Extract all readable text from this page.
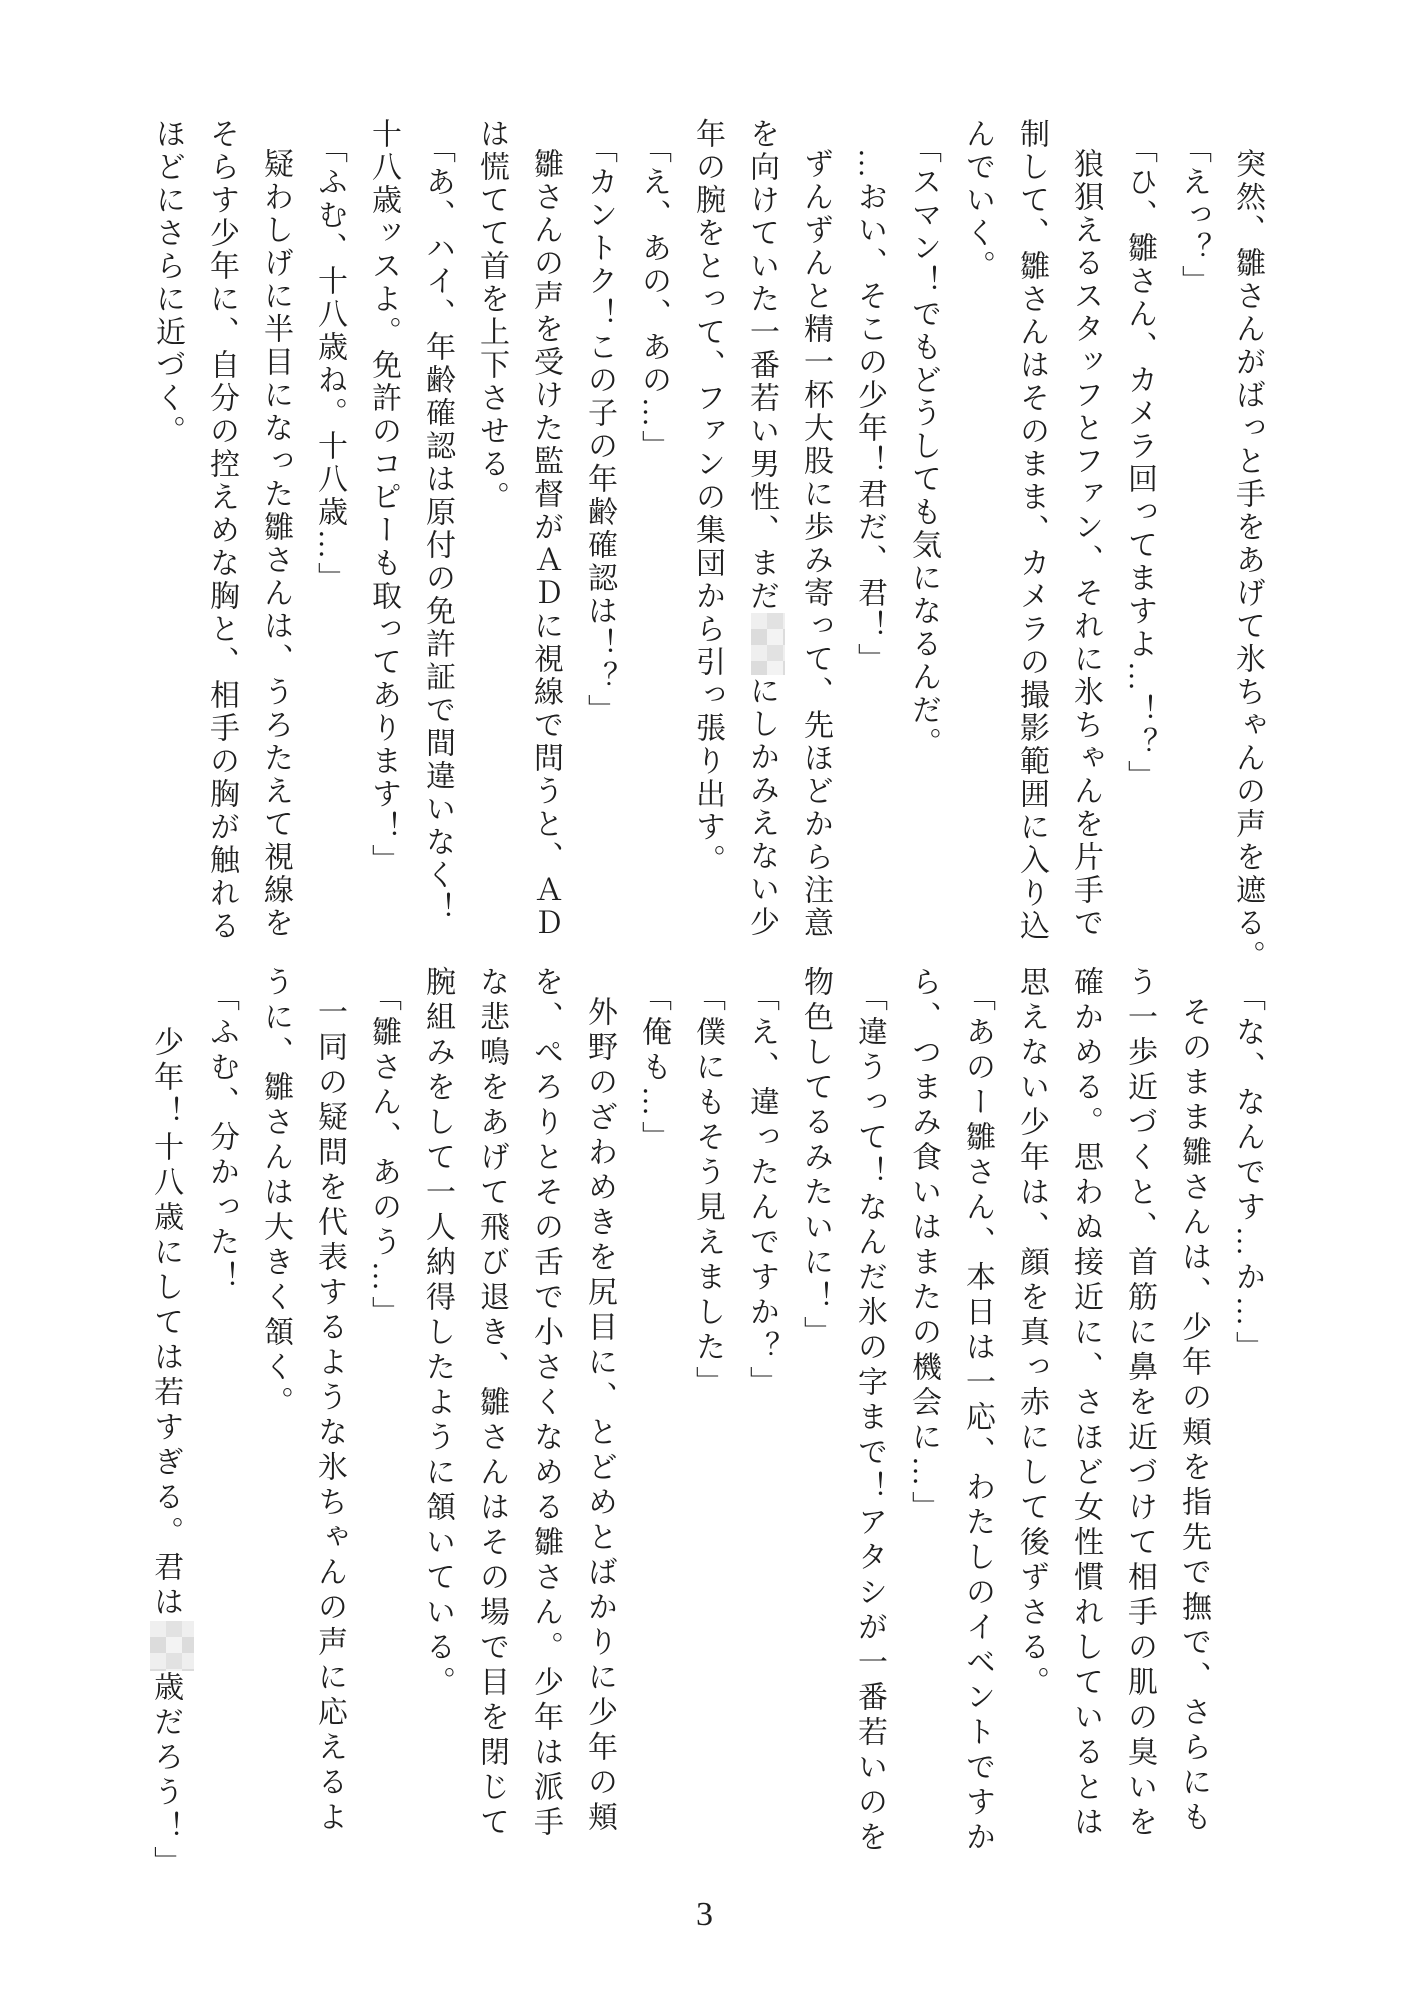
突然、雛さんがばっと手をあげて氷ちゃんの声を遮る。
「えっ？」
「ひ、雛さん、カメラ回ってますよ…！？」
狼狽えるスタッフとファン、それに氷ちゃんを片手で
制して、雛さんはそのまま、カメラの撮影範囲に入り込
んでいく。
「スマン！でもどうしても気になるんだ。
…おい、そこの少年！君だ、君！」
ずんずんと精一杯大股に歩み寄って、先ほどから注意
を向けていた一番若い男性、まだにしかみえない少
年の腕をとって、ファンの集団から引っ張り出す。
「え、あの、あの…」
「カントク！この子の年齢確認は！？」
雛さんの声を受けた監督がＡＤに視線で問うと、ＡＤ
は慌てて首を上下させる。
「あ、ハイ、年齢確認は原付の免許証で間違いなく！
十八歳ッスよ。免許のコピーも取ってあります！」
「ふむ、十八歳ね。十八歳…」
疑わしげに半目になった雛さんは、うろたえて視線を
そらす少年に、自分の控えめな胸と、相手の胸が触れる
ほどにさらに近づく。
「な、なんです…か…」
そのまま雛さんは、少年の頬を指先で撫で、さらにも
う一歩近づくと、首筋に鼻を近づけて相手の肌の臭いを
確かめる。思わぬ接近に、さほど女性慣れしているとは
思えない少年は、顔を真っ赤にして後ずさる。
「あのー雛さん、本日は一応、わたしのイベントですか
ら、つまみ食いはまたの機会に…」
「違うって！なんだ氷の字まで！アタシが一番若いのを
物色してるみたいに！」
「え、違ったんですか？」
「僕にもそう見えました」
「俺も…」
外野のざわめきを尻目に、とどめとばかりに少年の頬
を、ぺろりとその舌で小さくなめる雛さん。少年は派手
な悲鳴をあげて飛び退き、雛さんはその場で目を閉じて
腕組みをして一人納得したように頷いている。
「雛さん、あのう…」
一同の疑問を代表するような氷ちゃんの声に応えるよ
うに、雛さんは大きく頷く。
「ふむ、分かった！
少年！十八歳にしては若すぎる。君は歳だろう！」
3
